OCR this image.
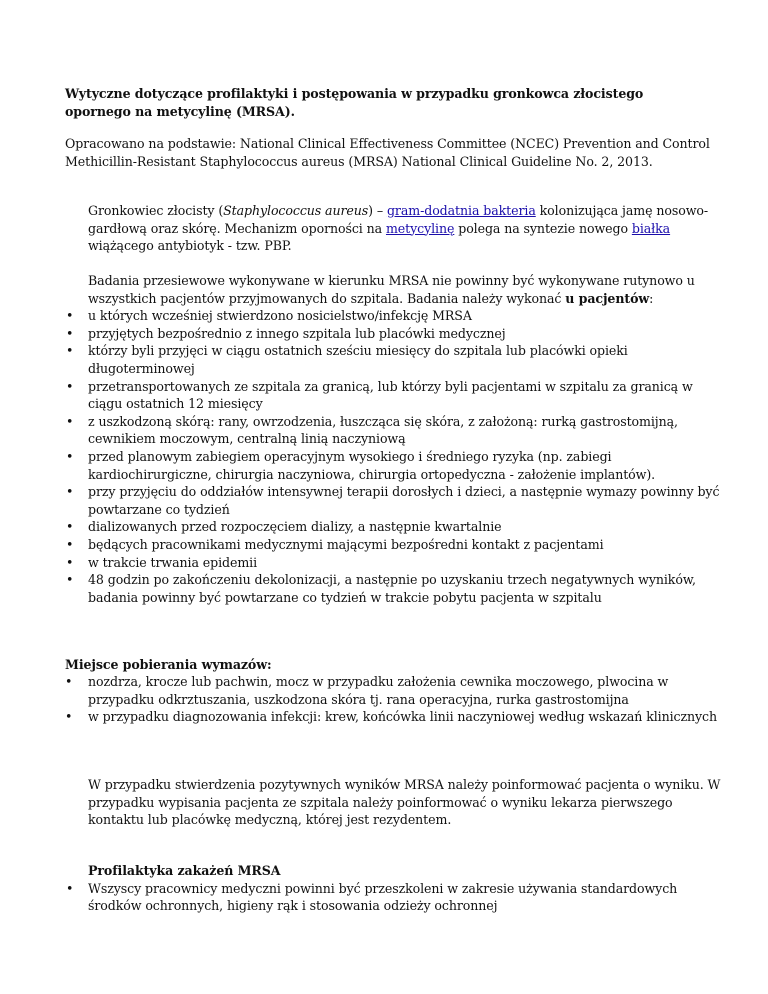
Wytyczne dotyczące profilaktyki i postępowania w przypadku gronkowca złocistego opornego na metycylinę (MRSA).
Opracowano na podstawie: National Clinical Effectiveness Committee (NCEC) Prevention and Control Methicillin-Resistant Staphylococcus aureus (MRSA) National Clinical Guideline No. 2, 2013.
Gronkowiec złocisty (Staphylococcus aureus) – gram-dodatnia bakteria kolonizująca jamę nosowo-gardłową oraz skórę. Mechanizm oporności na metycylinę polega na syntezie nowego białka wiążącego antybiotyk - tzw. PBP.
Badania przesiewowe wykonywane w kierunku MRSA nie powinny być wykonywane rutynowo u wszystkich pacjentów przyjmowanych do szpitala. Badania należy wykonać u pacjentów:
• u których wcześniej stwierdzono nosicielstwo/infekcję MRSA
• przyjętych bezpośrednio z innego szpitala lub placówki medycznej
• którzy byli przyjęci w ciągu ostatnich sześciu miesięcy do szpitala lub placówki opieki długoterminowej
• przetransportowanych ze szpitala za granicą, lub którzy byli pacjentami w szpitalu za granicą w ciągu ostatnich 12 miesięcy
• z uszkodzoną skórą: rany, owrzodzenia, łuszcząca się skóra, z założoną: rurką gastrostomijną, cewnikiem moczowym, centralną linią naczyniową
• przed planowym zabiegiem operacyjnym wysokiego i średniego ryzyka (np. zabiegi kardiochirurgiczne, chirurgia naczyniowa, chirurgia ortopedyczna - założenie implantów).
• przy przyjęciu do oddziałów intensywnej terapii dorosłych i dzieci, a następnie wymazy powinny być powtarzane co tydzień
• dializowanych przed rozpoczęciem dializy, a następnie kwartalnie
• będących pracownikami medycznymi mającymi bezpośredni kontakt z pacjentami
• w trakcie trwania epidemii
• 48 godzin po zakończeniu dekolonizacji, a następnie po uzyskaniu trzech negatywnych wyników, badania powinny być powtarzane co tydzień w trakcie pobytu pacjenta w szpitalu
Miejsce pobierania wymazów:
• nozdrza, krocze lub pachwin, mocz w przypadku założenia cewnika moczowego, plwocina w przypadku odkrztuszania, uszkodzona skóra tj. rana operacyjna, rurka gastrostomijna
• w przypadku diagnozowania infekcji: krew, końcówka linii naczyniowej według wskazań klinicznych
W przypadku stwierdzenia pozytywnych wyników MRSA należy poinformować pacjenta o wyniku. W przypadku wypisania pacjenta ze szpitala należy poinformować o wyniku lekarza pierwszego kontaktu lub placówkę medyczną, której jest rezydentem.
Profilaktyka zakażeń MRSA
• Wszyscy pracownicy medyczni powinni być przeszkoleni w zakresie używania standardowych środków ochronnych, higieny rąk i stosowania odzieży ochronnej
